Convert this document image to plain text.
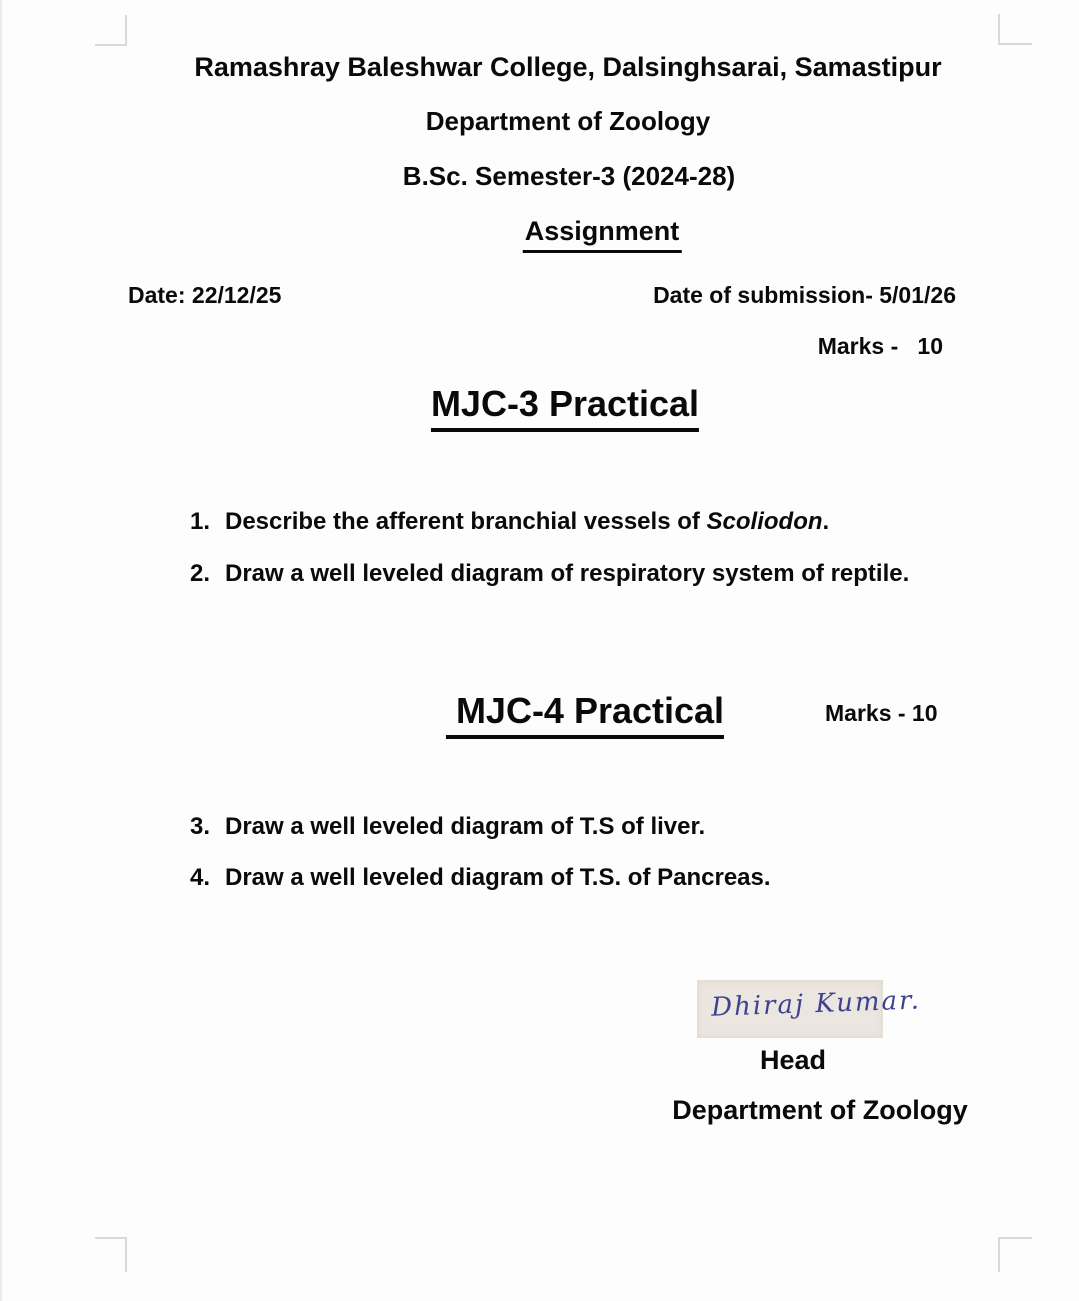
Ramashray Baleshwar College, Dalsinghsarai, Samastipur
Department of Zoology
B.Sc. Semester-3 (2024-28)
Assignment
Date: 22/12/25	Date of submission- 5/01/26
Marks -   10
MJC-3 Practical
1. Describe the afferent branchial vessels of Scoliodon.
2. Draw a well leveled diagram of respiratory system of reptile.
MJC-4 Practical	Marks - 10
3. Draw a well leveled diagram of T.S of liver.
4. Draw a well leveled diagram of T.S. of Pancreas.
Dhiraj Kumar.
Head
Department of Zoology
